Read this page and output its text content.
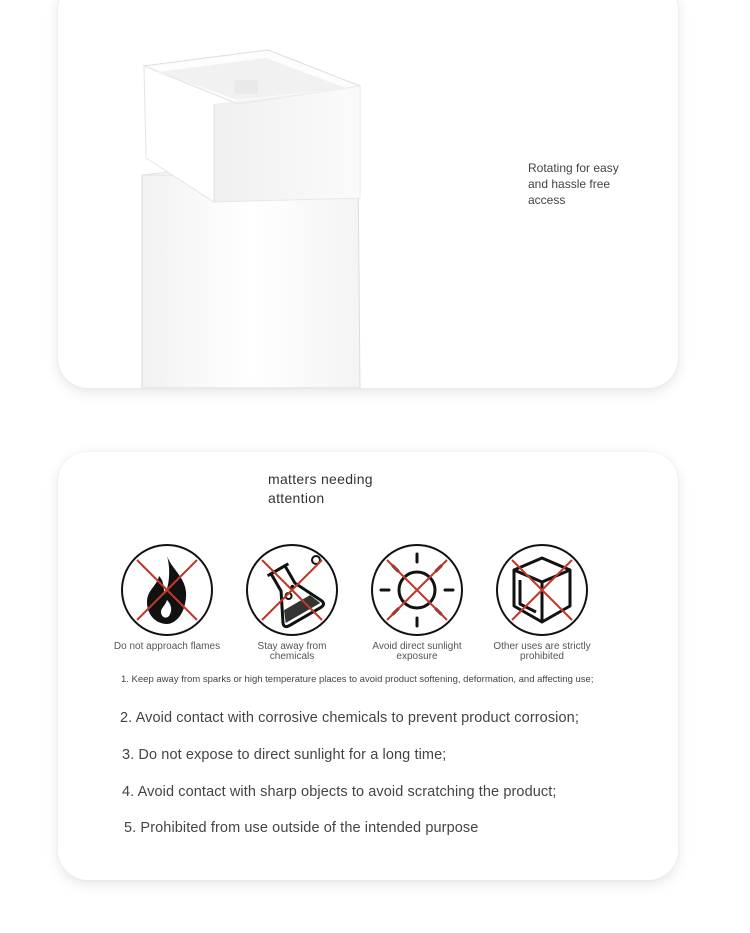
Rotating for easy and hassle free access
matters needing attention
Do not approach flames	Stay away from chemicals
Avoid direct sunlight exposure
Other uses are strictly prohibited
1. Keep away from sparks or high temperature places to avoid product softening, deformation, and affecting use;
2. Avoid contact with corrosive chemicals to prevent product corrosion;
3. Do not expose to direct sunlight for a long time;
4. Avoid contact with sharp objects to avoid scratching the product;
5. Prohibited from use outside of the intended purpose
